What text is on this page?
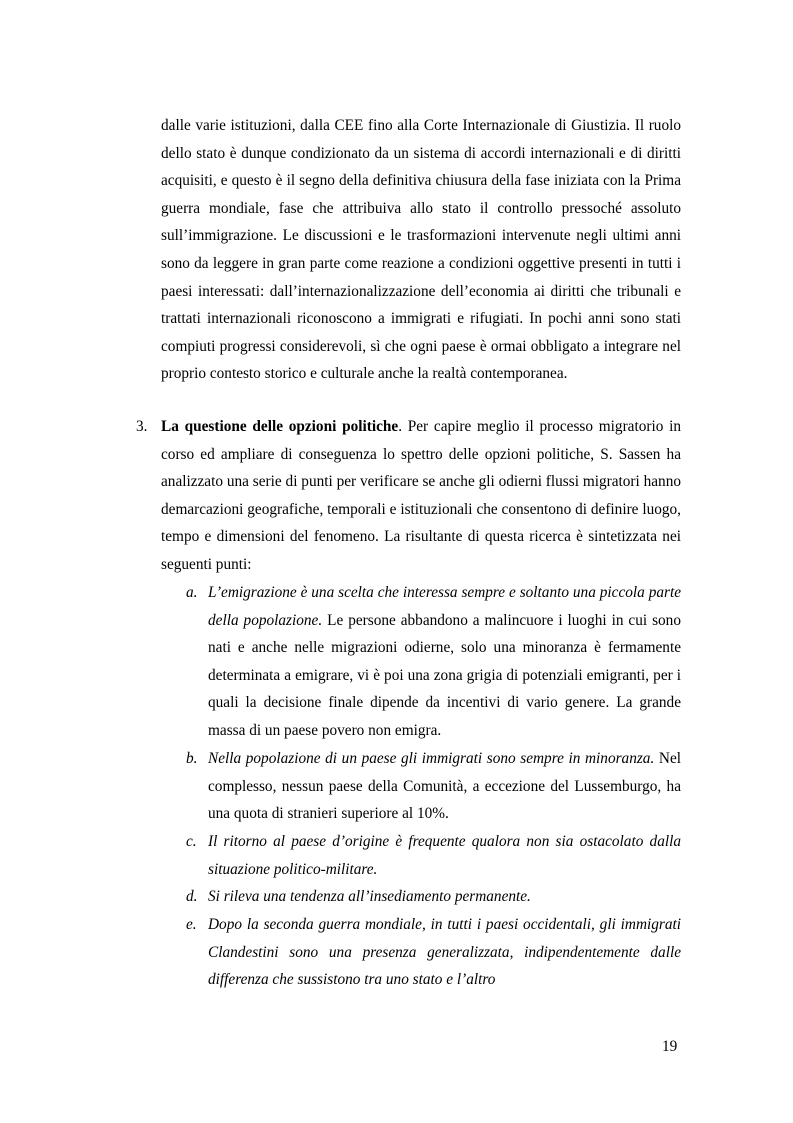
dalle varie istituzioni, dalla CEE fino alla Corte Internazionale di Giustizia. Il ruolo dello stato è dunque condizionato da un sistema di accordi internazionali e di diritti acquisiti, e questo è il segno della definitiva chiusura della fase iniziata con la Prima guerra mondiale, fase che attribuiva allo stato il controllo pressoché assoluto sull’immigrazione. Le discussioni e le trasformazioni intervenute negli ultimi anni sono da leggere in gran parte come reazione a condizioni oggettive presenti in tutti i paesi interessati: dall’internazionalizzazione dell’economia ai diritti che tribunali e trattati internazionali riconoscono a immigrati e rifugiati. In pochi anni sono stati compiuti progressi considerevoli, sì che ogni paese è ormai obbligato a integrare nel proprio contesto storico e culturale anche la realtà contemporanea.

3. La questione delle opzioni politiche. Per capire meglio il processo migratorio in corso ed ampliare di conseguenza lo spettro delle opzioni politiche, S. Sassen ha analizzato una serie di punti per verificare se anche gli odierni flussi migratori hanno demarcazioni geografiche, temporali e istituzionali che consentono di definire luogo, tempo e dimensioni del fenomeno. La risultante di questa ricerca è sintetizzata nei seguenti punti:

a. L’emigrazione è una scelta che interessa sempre e soltanto una piccola parte della popolazione. Le persone abbandono a malincuore i luoghi in cui sono nati e anche nelle migrazioni odierne, solo una minoranza è fermamente determinata a emigrare, vi è poi una zona grigia di potenziali emigranti, per i quali la decisione finale dipende da incentivi di vario genere. La grande massa di un paese povero non emigra.

b. Nella popolazione di un paese gli immigrati sono sempre in minoranza. Nel complesso, nessun paese della Comunità, a eccezione del Lussemburgo, ha una quota di stranieri superiore al 10%.

c. Il ritorno al paese d’origine è frequente qualora non sia ostacolato dalla situazione politico-militare.

d. Si rileva una tendenza all’insediamento permanente.

e. Dopo la seconda guerra mondiale, in tutti i paesi occidentali, gli immigrati Clandestini sono una presenza generalizzata, indipendentemente dalle differenza che sussistono tra uno stato e l’altro

19
